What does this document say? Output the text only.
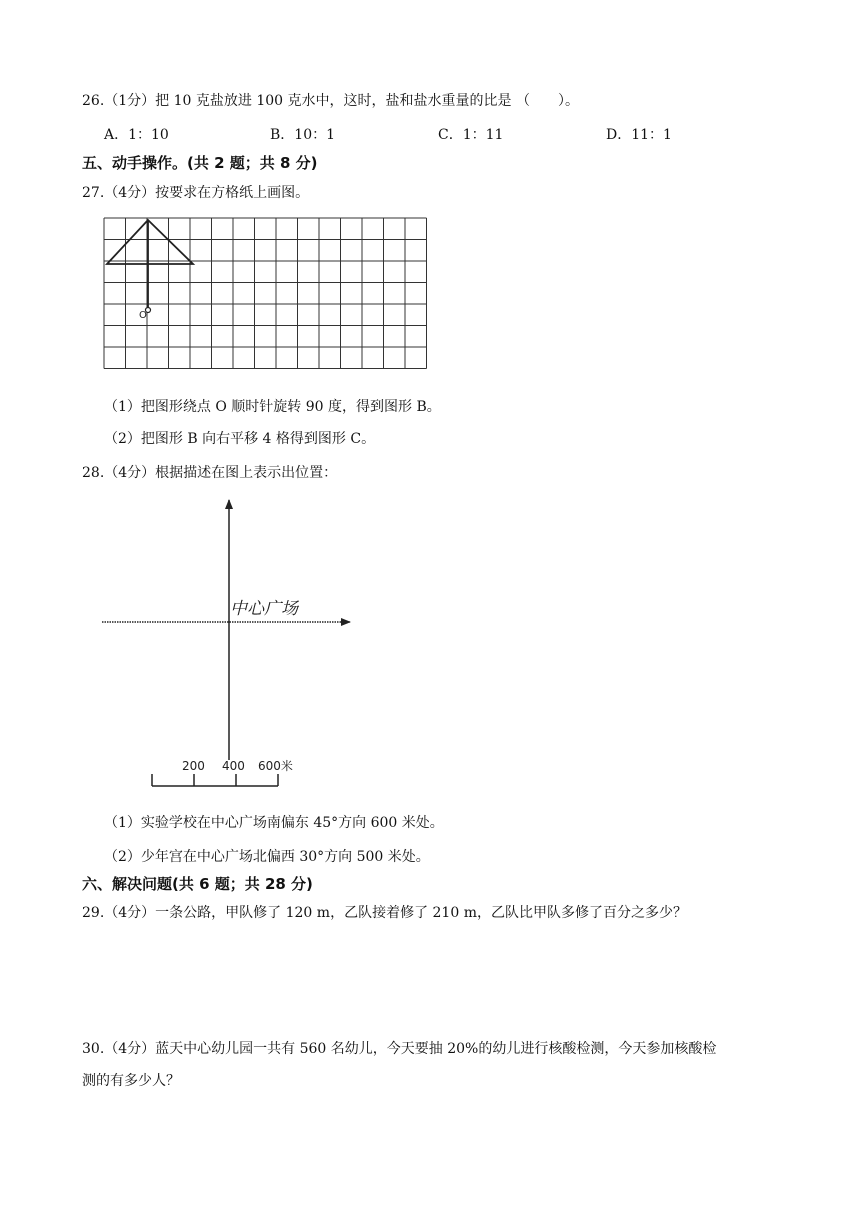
26.（1分）把 10 克盐放进 100 克水中，这时，盐和盐水重量的比是 （　　）。
A．1：10	B．10：1	C．1：11	D．11：1
五、动手操作。(共 2 题；共 8 分)
27.（4分）按要求在方格纸上画图。
O
（1）把图形绕点 O 顺时针旋转 90 度，得到图形 B。
（2）把图形 B 向右平移 4 格得到图形 C。
28.（4分）根据描述在图上表示出位置：
中心广场
200 400 600米
（1）实验学校在中心广场南偏东 45°方向 600 米处。
（2）少年宫在中心广场北偏西 30°方向 500 米处。
六、解决问题(共 6 题；共 28 分)
29.（4分）一条公路，甲队修了 120 m，乙队接着修了 210 m，乙队比甲队多修了百分之多少？
30.（4分）蓝天中心幼儿园一共有 560 名幼儿，今天要抽 20%的幼儿进行核酸检测，今天参加核酸检
测的有多少人？
